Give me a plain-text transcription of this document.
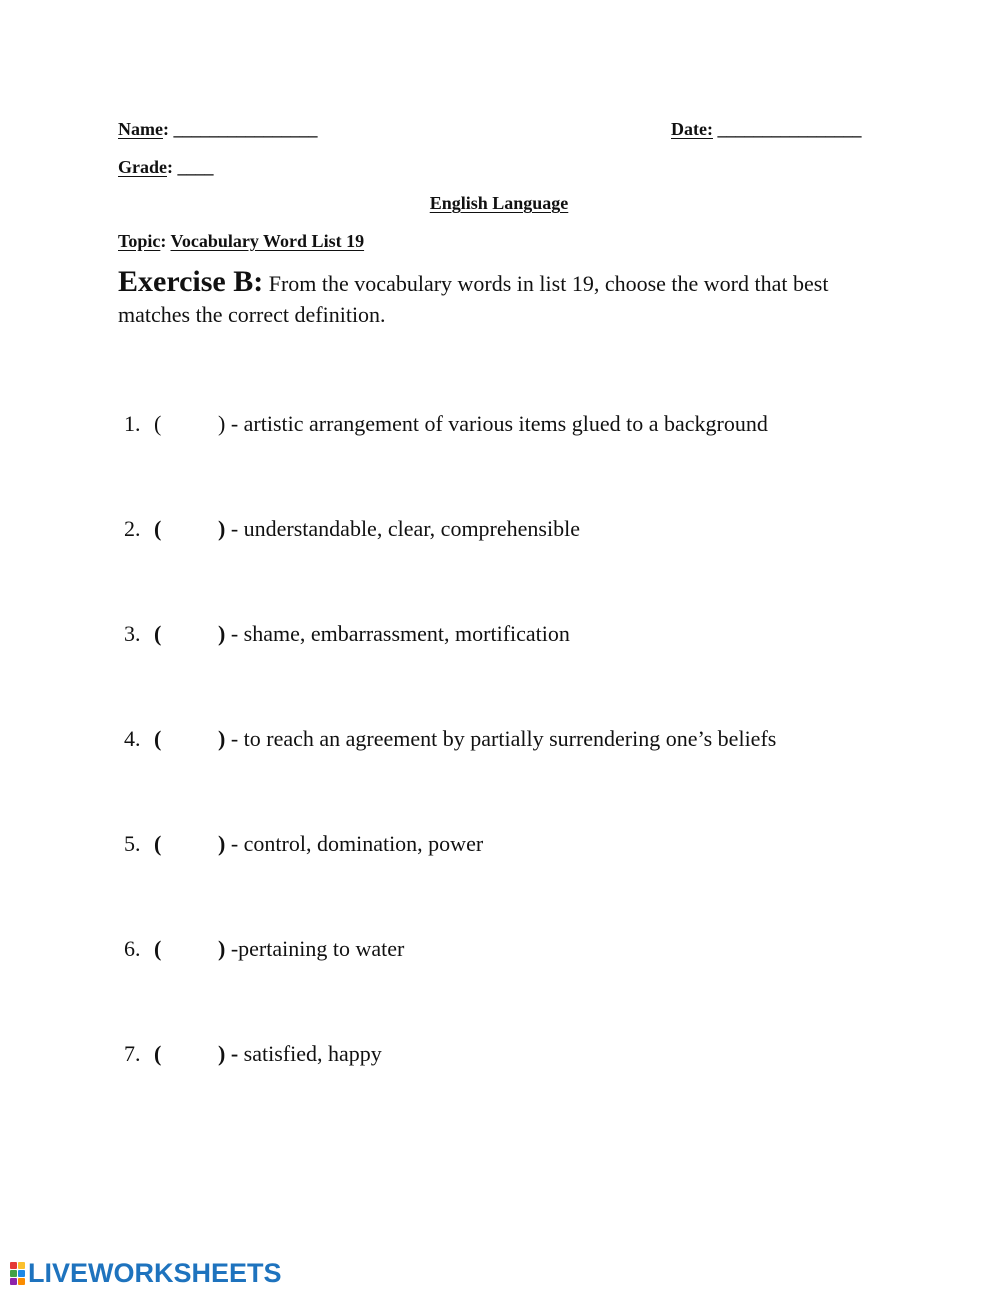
Name: ________________	Date: ________________
Grade: ____
English Language
Topic: Vocabulary Word List 19
Exercise B: From the vocabulary words in list 19, choose the word that best matches the correct definition.
1. (	) - artistic arrangement of various items glued to a background
2. (	) - understandable, clear, comprehensible
3. (	) - shame, embarrassment, mortification
4. (	) - to reach an agreement by partially surrendering one’s beliefs
5. (	) - control, domination, power
6. (	) -pertaining to water
7. (	) - satisfied, happy
LIVEWORKSHEETS
